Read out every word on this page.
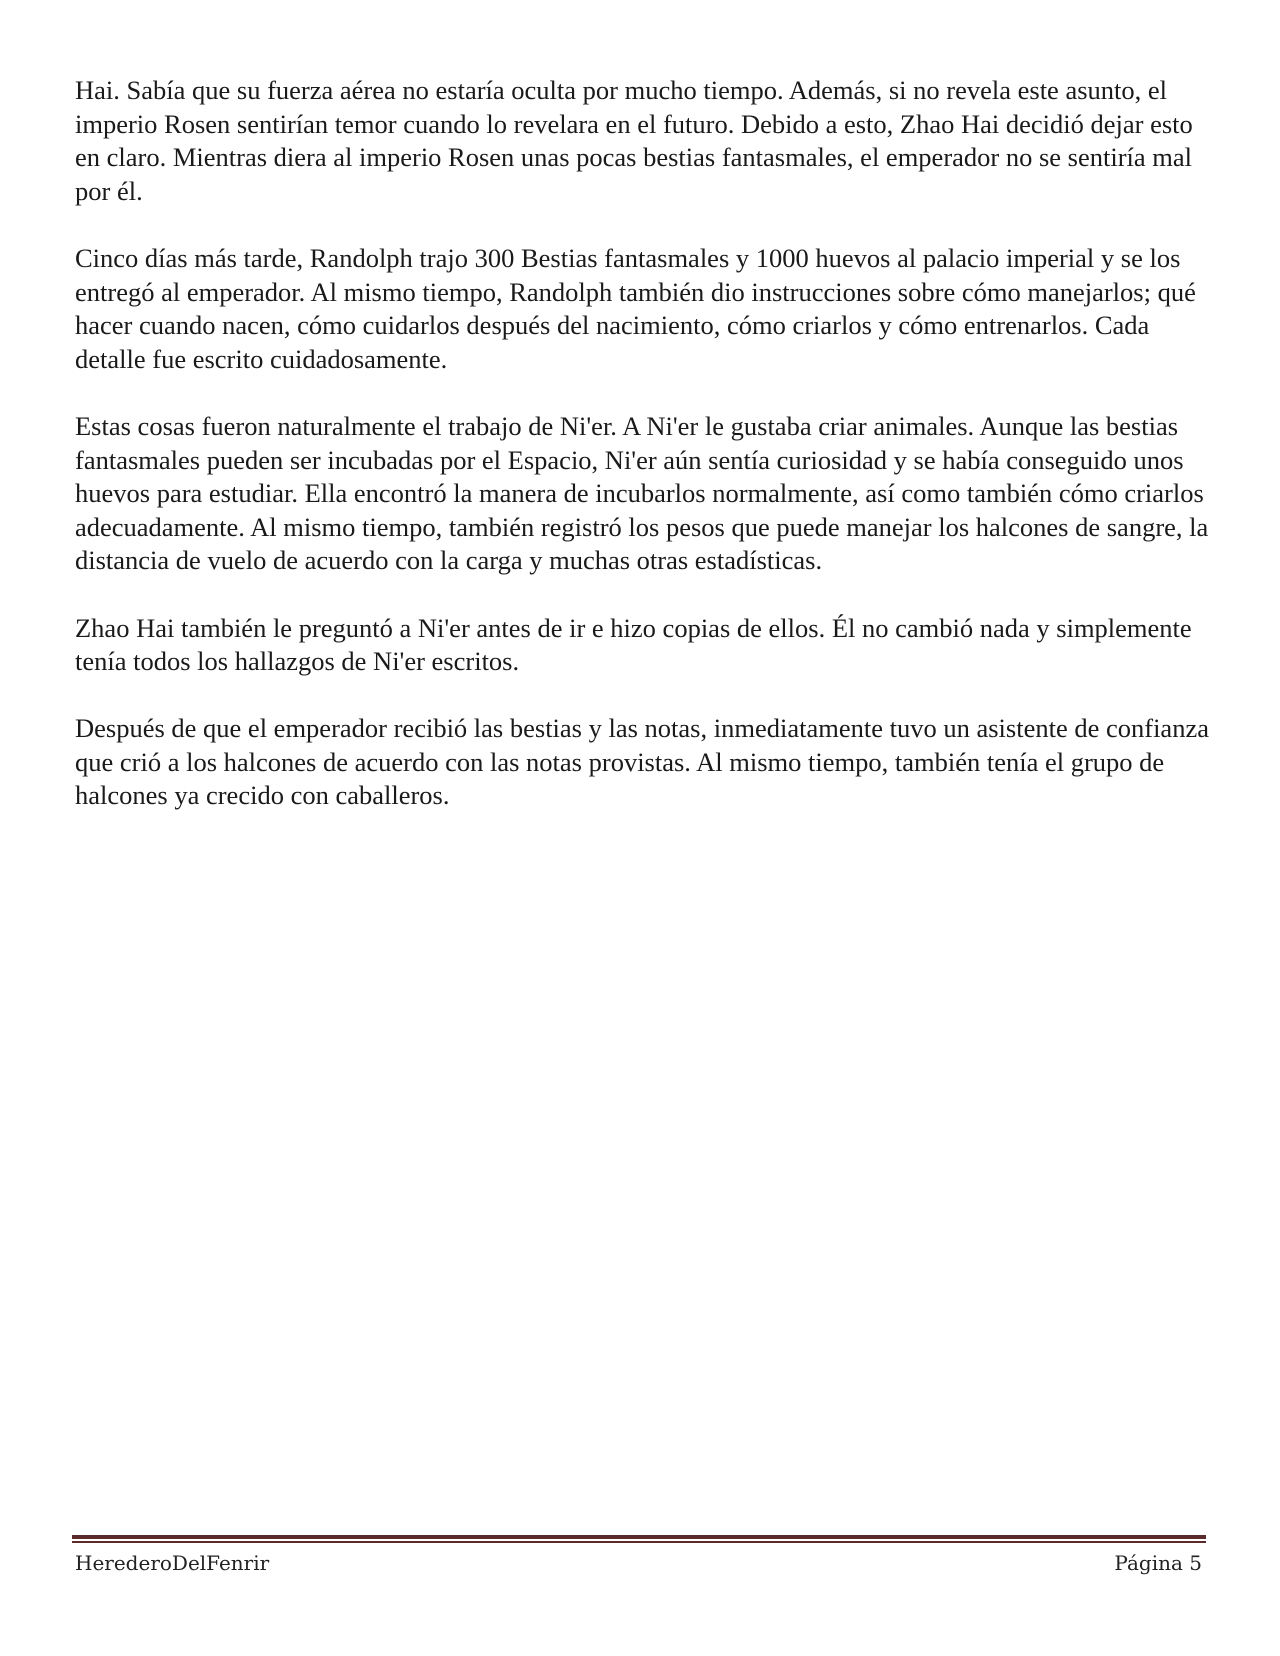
Hai. Sabía que su fuerza aérea no estaría oculta por mucho tiempo. Además, si no revela este asunto, el imperio Rosen sentirían temor cuando lo revelara en el futuro. Debido a esto, Zhao Hai decidió dejar esto en claro. Mientras diera al imperio Rosen unas pocas bestias fantasmales, el emperador no se sentiría mal por él.

Cinco días más tarde, Randolph trajo 300 Bestias fantasmales y 1000 huevos al palacio imperial y se los entregó al emperador. Al mismo tiempo, Randolph también dio instrucciones sobre cómo manejarlos; qué hacer cuando nacen, cómo cuidarlos después del nacimiento, cómo criarlos y cómo entrenarlos. Cada detalle fue escrito cuidadosamente.

Estas cosas fueron naturalmente el trabajo de Ni'er. A Ni'er le gustaba criar animales. Aunque las bestias fantasmales pueden ser incubadas por el Espacio, Ni'er aún sentía curiosidad y se había conseguido unos huevos para estudiar. Ella encontró la manera de incubarlos normalmente, así como también cómo criarlos adecuadamente. Al mismo tiempo, también registró los pesos que puede manejar los halcones de sangre, la distancia de vuelo de acuerdo con la carga y muchas otras estadísticas.

Zhao Hai también le preguntó a Ni'er antes de ir e hizo copias de ellos. Él no cambió nada y simplemente tenía todos los hallazgos de Ni'er escritos.

Después de que el emperador recibió las bestias y las notas, inmediatamente tuvo un asistente de confianza que crió a los halcones de acuerdo con las notas provistas. Al mismo tiempo, también tenía el grupo de halcones ya crecido con caballeros.

HerederoDelFenrir	Página 5
